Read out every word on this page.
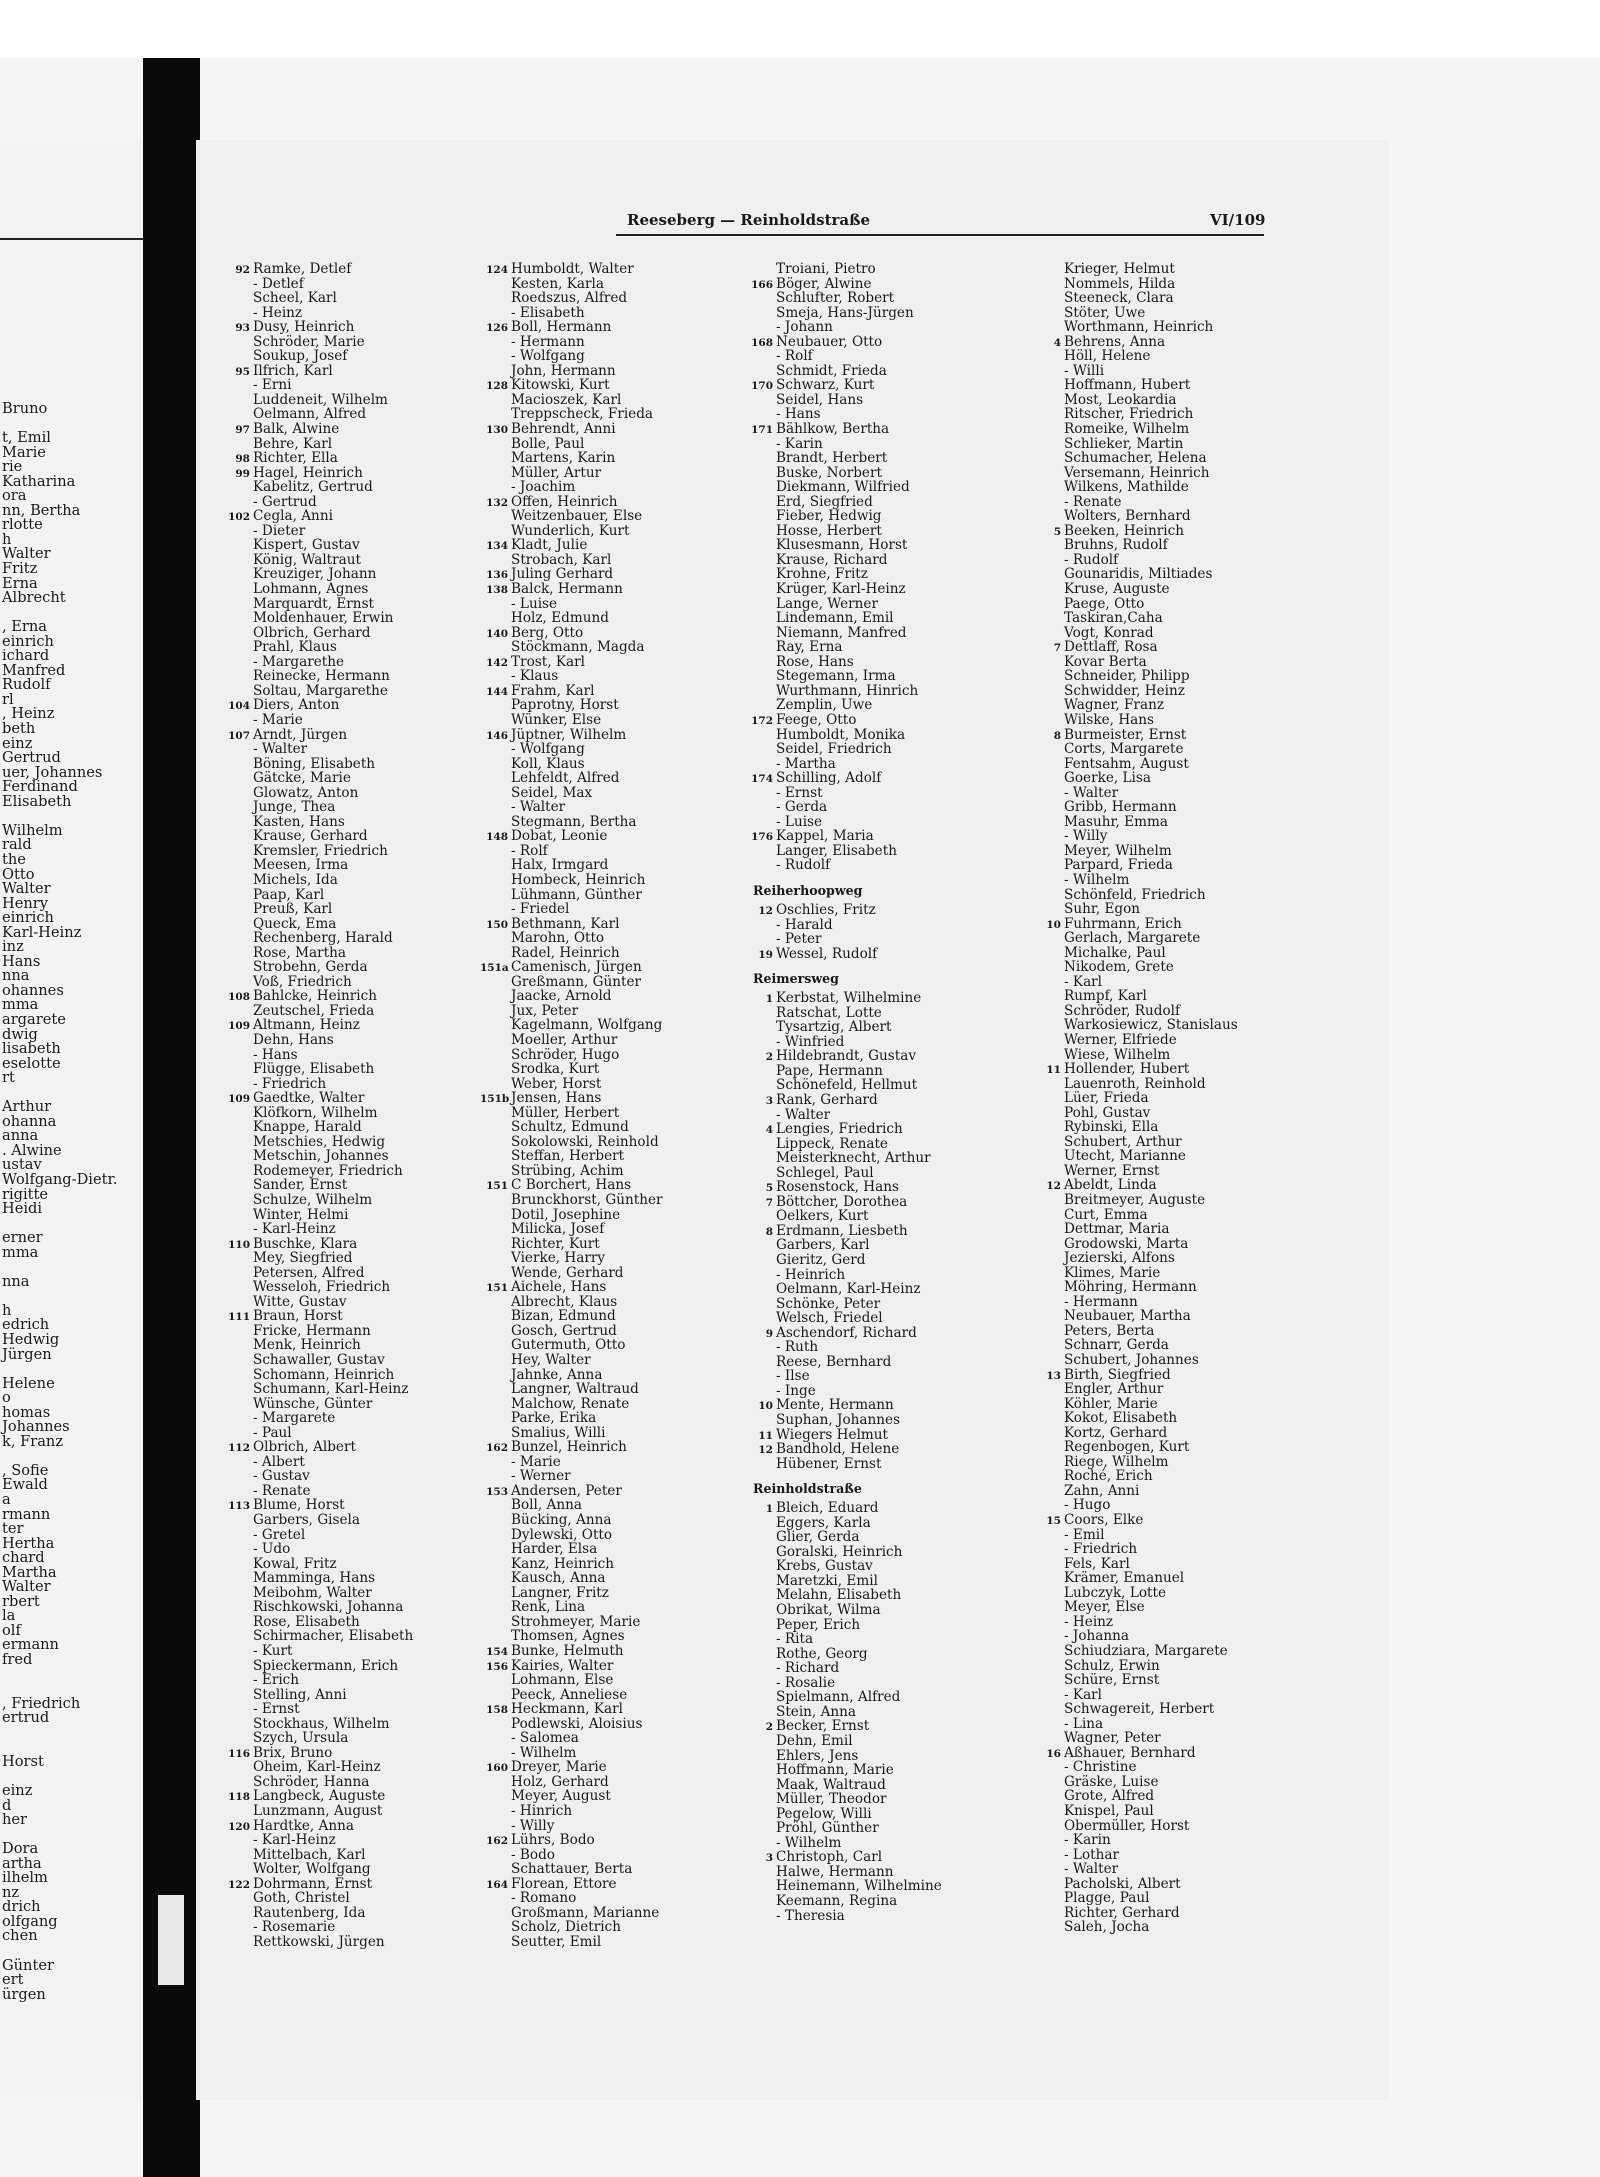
Bruno
t, Emil
Marie
rie
Katharina
ora
nn, Bertha
rlotte
h
Walter
Fritz
Erna
Albrecht
, Erna
einrich
ichard
Manfred
Rudolf
rl
, Heinz
beth
einz
Gertrud
uer, Johannes
Ferdinand
Elisabeth
Wilhelm
rald
the
Otto
Walter
Henry
einrich
Karl-Heinz
inz
Hans
nna
ohannes
mma
argarete
dwig
lisabeth
eselotte
rt
Arthur
ohanna
anna
. Alwine
ustav
Wolfgang-Dietr.
rigitte
Heidi
erner
mma
nna
h
edrich
Hedwig
Jürgen
Helene
o
homas
Johannes
k, Franz
, Sofie
Ewald
a
rmann
ter
Hertha
chard
Martha
Walter
rbert
la
olf
ermann
fred
, Friedrich
ertrud
Horst
einz
d
her
Dora
artha
ilhelm
nz
drich
olfgang
chen
Günter
ert
ürgen
Reeseberg — Reinholdstraße	VI/109
92 Ramke, Detlef
- Detlef
Scheel, Karl
- Heinz
93 Dusy, Heinrich
Schröder, Marie
Soukup, Josef
95 Ilfrich, Karl
- Erni
Luddeneit, Wilhelm
Oelmann, Alfred
97 Balk, Alwine
Behre, Karl
98 Richter, Ella
99 Hagel, Heinrich
Kabelitz, Gertrud
- Gertrud
102 Cegla, Anni
- Dieter
Kispert, Gustav
König, Waltraut
Kreuziger, Johann
Lohmann, Agnes
Marquardt, Ernst
Moldenhauer, Erwin
Olbrich, Gerhard
Prahl, Klaus
- Margarethe
Reinecke, Hermann
Soltau, Margarethe
104 Diers, Anton
- Marie
107 Arndt, Jürgen
- Walter
Böning, Elisabeth
Gätcke, Marie
Glowatz, Anton
Junge, Thea
Kasten, Hans
Krause, Gerhard
Kremsler, Friedrich
Meesen, Irma
Michels, Ida
Paap, Karl
Preuß, Karl
Queck, Ema
Rechenberg, Harald
Rose, Martha
Strobehn, Gerda
Voß, Friedrich
108 Bahlcke, Heinrich
Zeutschel, Frieda
109 Altmann, Heinz
Dehn, Hans
- Hans
Flügge, Elisabeth
- Friedrich
109 Gaedtke, Walter
Klöfkorn, Wilhelm
Knappe, Harald
Metschies, Hedwig
Metschin, Johannes
Rodemeyer, Friedrich
Sander, Ernst
Schulze, Wilhelm
Winter, Helmi
- Karl-Heinz
110 Buschke, Klara
Mey, Siegfried
Petersen, Alfred
Wesseloh, Friedrich
Witte, Gustav
111 Braun, Horst
Fricke, Hermann
Menk, Heinrich
Schawaller, Gustav
Schomann, Heinrich
Schumann, Karl-Heinz
Wünsche, Günter
- Margarete
- Paul
112 Olbrich, Albert
- Albert
- Gustav
- Renate
113 Blume, Horst
Garbers, Gisela
- Gretel
- Udo
Kowal, Fritz
Mamminga, Hans
Meibohm, Walter
Rischkowski, Johanna
Rose, Elisabeth
Schirmacher, Elisabeth
- Kurt
Spieckermann, Erich
- Erich
Stelling, Anni
- Ernst
Stockhaus, Wilhelm
Szych, Ursula
116 Brix, Bruno
Oheim, Karl-Heinz
Schröder, Hanna
118 Langbeck, Auguste
Lunzmann, August
120 Hardtke, Anna
- Karl-Heinz
Mittelbach, Karl
Wolter, Wolfgang
122 Dohrmann, Ernst
Goth, Christel
Rautenberg, Ida
- Rosemarie
Rettkowski, Jürgen
124 Humboldt, Walter
Kesten, Karla
Roedszus, Alfred
- Elisabeth
126 Boll, Hermann
- Hermann
- Wolfgang
John, Hermann
128 Kitowski, Kurt
Macioszek, Karl
Treppscheck, Frieda
130 Behrendt, Anni
Bolle, Paul
Martens, Karin
Müller, Artur
- Joachim
132 Offen, Heinrich
Weitzenbauer, Else
Wunderlich, Kurt
134 Kladt, Julie
Strobach, Karl
136 Juling Gerhard
138 Balck, Hermann
- Luise
Holz, Edmund
140 Berg, Otto
Stöckmann, Magda
142 Trost, Karl
- Klaus
144 Frahm, Karl
Paprotny, Horst
Wünker, Else
146 Jüptner, Wilhelm
- Wolfgang
Koll, Klaus
Lehfeldt, Alfred
Seidel, Max
- Walter
Stegmann, Bertha
148 Dobat, Leonie
- Rolf
Halx, Irmgard
Hombeck, Heinrich
Lühmann, Günther
- Friedel
150 Bethmann, Karl
Marohn, Otto
Radel, Heinrich
151a Camenisch, Jürgen
Greßmann, Günter
Jaacke, Arnold
Jux, Peter
Kagelmann, Wolfgang
Moeller, Arthur
Schröder, Hugo
Srodka, Kurt
Weber, Horst
151b Jensen, Hans
Müller, Herbert
Schultz, Edmund
Sokolowski, Reinhold
Steffan, Herbert
Strübing, Achim
151 C Borchert, Hans
Brunckhorst, Günther
Dotil, Josephine
Milicka, Josef
Richter, Kurt
Vierke, Harry
Wende, Gerhard
151 Aichele, Hans
Albrecht, Klaus
Bizan, Edmund
Gosch, Gertrud
Gutermuth, Otto
Hey, Walter
Jahnke, Anna
Langner, Waltraud
Malchow, Renate
Parke, Erika
Smalius, Willi
162 Bunzel, Heinrich
- Marie
- Werner
153 Andersen, Peter
Boll, Anna
Bücking, Anna
Dylewski, Otto
Harder, Elsa
Kanz, Heinrich
Kausch, Anna
Langner, Fritz
Renk, Lina
Strohmeyer, Marie
Thomsen, Agnes
154 Bunke, Helmuth
156 Kairies, Walter
Lohmann, Else
Peeck, Anneliese
158 Heckmann, Karl
Podlewski, Aloisius
- Salomea
- Wilhelm
160 Dreyer, Marie
Holz, Gerhard
Meyer, August
- Hinrich
- Willy
162 Lührs, Bodo
- Bodo
Schattauer, Berta
164 Florean, Ettore
- Romano
Großmann, Marianne
Scholz, Dietrich
Seutter, Emil
Troiani, Pietro
166 Böger, Alwine
Schlufter, Robert
Smeja, Hans-Jürgen
- Johann
168 Neubauer, Otto
- Rolf
Schmidt, Frieda
170 Schwarz, Kurt
Seidel, Hans
- Hans
171 Bählkow, Bertha
- Karin
Brandt, Herbert
Buske, Norbert
Diekmann, Wilfried
Erd, Siegfried
Fieber, Hedwig
Hosse, Herbert
Klusesmann, Horst
Krause, Richard
Krohne, Fritz
Krüger, Karl-Heinz
Lange, Werner
Lindemann, Emil
Niemann, Manfred
Ray, Erna
Rose, Hans
Stegemann, Irma
Wurthmann, Hinrich
Zemplin, Uwe
172 Feege, Otto
Humboldt, Monika
Seidel, Friedrich
- Martha
174 Schilling, Adolf
- Ernst
- Gerda
- Luise
176 Kappel, Maria
Langer, Elisabeth
- Rudolf
Reiherhoopweg
12 Oschlies, Fritz
- Harald
- Peter
19 Wessel, Rudolf
Reimersweg
1 Kerbstat, Wilhelmine
Ratschat, Lotte
Tysartzig, Albert
- Winfried
2 Hildebrandt, Gustav
Pape, Hermann
Schönefeld, Hellmut
3 Rank, Gerhard
- Walter
4 Lengies, Friedrich
Lippeck, Renate
Meisterknecht, Arthur
Schlegel, Paul
5 Rosenstock, Hans
7 Böttcher, Dorothea
Oelkers, Kurt
8 Erdmann, Liesbeth
Garbers, Karl
Gieritz, Gerd
- Heinrich
Oelmann, Karl-Heinz
Schönke, Peter
Welsch, Friedel
9 Aschendorf, Richard
- Ruth
Reese, Bernhard
- Ilse
- Inge
10 Mente, Hermann
Suphan, Johannes
11 Wiegers Helmut
12 Bandhold, Helene
Hübener, Ernst
Reinholdstraße
1 Bleich, Eduard
Eggers, Karla
Glier, Gerda
Goralski, Heinrich
Krebs, Gustav
Maretzki, Emil
Melahn, Elisabeth
Obrikat, Wilma
Peper, Erich
- Rita
Rothe, Georg
- Richard
- Rosalie
Spielmann, Alfred
Stein, Anna
2 Becker, Ernst
Dehn, Emil
Ehlers, Jens
Hoffmann, Marie
Maak, Waltraud
Müller, Theodor
Pegelow, Willi
Pröhl, Günther
- Wilhelm
3 Christoph, Carl
Halwe, Hermann
Heinemann, Wilhelmine
Keemann, Regina
- Theresia
Krieger, Helmut
Nommels, Hilda
Steeneck, Clara
Stöter, Uwe
Worthmann, Heinrich
4 Behrens, Anna
Höll, Helene
- Willi
Hoffmann, Hubert
Most, Leokardia
Ritscher, Friedrich
Romeike, Wilhelm
Schlieker, Martin
Schumacher, Helena
Versemann, Heinrich
Wilkens, Mathilde
- Renate
Wolters, Bernhard
5 Beeken, Heinrich
Bruhns, Rudolf
- Rudolf
Gounaridis, Miltiades
Kruse, Auguste
Paege, Otto
Taskiran,Caha
Vogt, Konrad
7 Dettlaff, Rosa
Kovar Berta
Schneider, Philipp
Schwidder, Heinz
Wagner, Franz
Wilske, Hans
8 Burmeister, Ernst
Corts, Margarete
Fentsahm, August
Goerke, Lisa
- Walter
Gribb, Hermann
Masuhr, Emma
- Willy
Meyer, Wilhelm
Parpard, Frieda
- Wilhelm
Schönfeld, Friedrich
Suhr, Egon
10 Fuhrmann, Erich
Gerlach, Margarete
Michalke, Paul
Nikodem, Grete
- Karl
Rumpf, Karl
Schröder, Rudolf
Warkosiewicz, Stanislaus
Werner, Elfriede
Wiese, Wilhelm
11 Hollender, Hubert
Lauenroth, Reinhold
Lüer, Frieda
Pohl, Gustav
Rybinski, Ella
Schubert, Arthur
Utecht, Marianne
Werner, Ernst
12 Abeldt, Linda
Breitmeyer, Auguste
Curt, Emma
Dettmar, Maria
Grodowski, Marta
Jezierski, Alfons
Klimes, Marie
Möhring, Hermann
- Hermann
Neubauer, Martha
Peters, Berta
Schnarr, Gerda
Schubert, Johannes
13 Birth, Siegfried
Engler, Arthur
Köhler, Marie
Kokot, Elisabeth
Kortz, Gerhard
Regenbogen, Kurt
Riege, Wilhelm
Roché, Erich
Zahn, Anni
- Hugo
15 Coors, Elke
- Emil
- Friedrich
Fels, Karl
Krämer, Emanuel
Lubczyk, Lotte
Meyer, Else
- Heinz
- Johanna
Schiudziara, Margarete
Schulz, Erwin
Schüre, Ernst
- Karl
Schwagereit, Herbert
- Lina
Wagner, Peter
16 Aßhauer, Bernhard
- Christine
Gräske, Luise
Grote, Alfred
Knispel, Paul
Obermüller, Horst
- Karin
- Lothar
- Walter
Pacholski, Albert
Plagge, Paul
Richter, Gerhard
Saleh, Jocha
